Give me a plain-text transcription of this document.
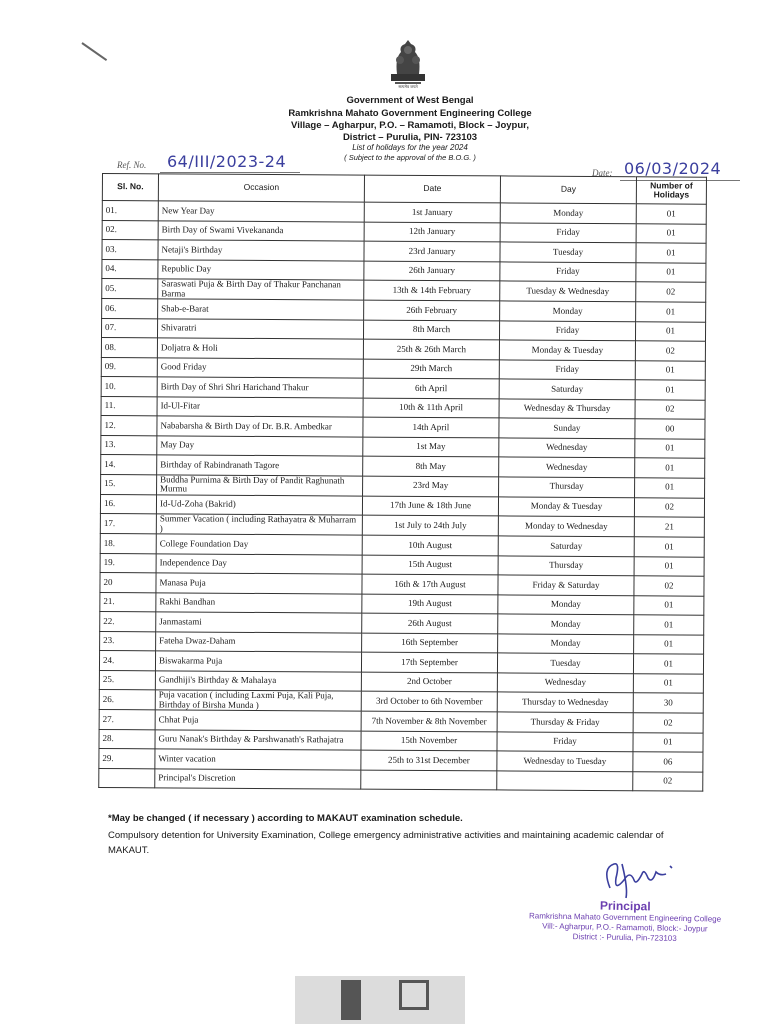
सत्यमेव जयते
Government of West Bengal
Ramkrishna Mahato Government Engineering College
Village – Agharpur, P.O. – Ramamoti, Block – Joypur,
District – Purulia, PIN- 723103
List of holidays for the year 2024
( Subject to the approval of the B.O.G. )
Ref. No. 64/III/2023-24
Date: 06/03/2024
Sl. No.	Occasion	Date	Day	Number of Holidays
01.	New Year Day	1st January	Monday	01
02.	Birth Day of Swami Vivekananda	12th January	Friday	01
03.	Netaji's Birthday	23rd January	Tuesday	01
04.	Republic Day	26th January	Friday	01
05.	Saraswati Puja & Birth Day of Thakur Panchanan Barma	13th & 14th February	Tuesday & Wednesday	02
06.	Shab-e-Barat	26th February	Monday	01
07.	Shivaratri	8th March	Friday	01
08.	Doljatra & Holi	25th & 26th March	Monday & Tuesday	02
09.	Good Friday	29th March	Friday	01
10.	Birth Day of Shri Shri Harichand Thakur	6th April	Saturday	01
11.	Id-Ul-Fitar	10th & 11th April	Wednesday & Thursday	02
12.	Nababarsha & Birth Day of Dr. B.R. Ambedkar	14th April	Sunday	00
13.	May Day	1st May	Wednesday	01
14.	Birthday of Rabindranath Tagore	8th May	Wednesday	01
15.	Buddha Purnima & Birth Day of Pandit Raghunath Murmu	23rd May	Thursday	01
16.	Id-Ud-Zoha (Bakrid)	17th June & 18th June	Monday & Tuesday	02
17.	Summer Vacation ( including Rathayatra & Muharram )	1st July to 24th July	Monday to Wednesday	21
18.	College Foundation Day	10th August	Saturday	01
19.	Independence Day	15th August	Thursday	01
20	Manasa Puja	16th & 17th August	Friday & Saturday	02
21.	Rakhi Bandhan	19th August	Monday	01
22.	Janmastami	26th August	Monday	01
23.	Fateha Dwaz-Daham	16th September	Monday	01
24.	Biswakarma Puja	17th September	Tuesday	01
25.	Gandhiji's Birthday & Mahalaya	2nd October	Wednesday	01
26.	Puja vacation ( including Laxmi Puja, Kali Puja, Birthday of Birsha Munda )	3rd October to 6th November	Thursday to Wednesday	30
27.	Chhat Puja	7th November & 8th November	Thursday & Friday	02
28.	Guru Nanak's Birthday & Parshwanath's Rathajatra	15th November	Friday	01
29.	Winter vacation	25th to 31st December	Wednesday to Tuesday	06
	Principal's Discretion			02
*May be changed ( if necessary ) according to MAKAUT examination schedule.
Compulsory detention for University Examination, College emergency administrative activities and maintaining academic calendar of MAKAUT.
Principal
Ramkrishna Mahato Government Engineering College
Vill:- Agharpur, P.O.- Ramamoti, Block:- Joypur
District :- Purulia, Pin-723103
